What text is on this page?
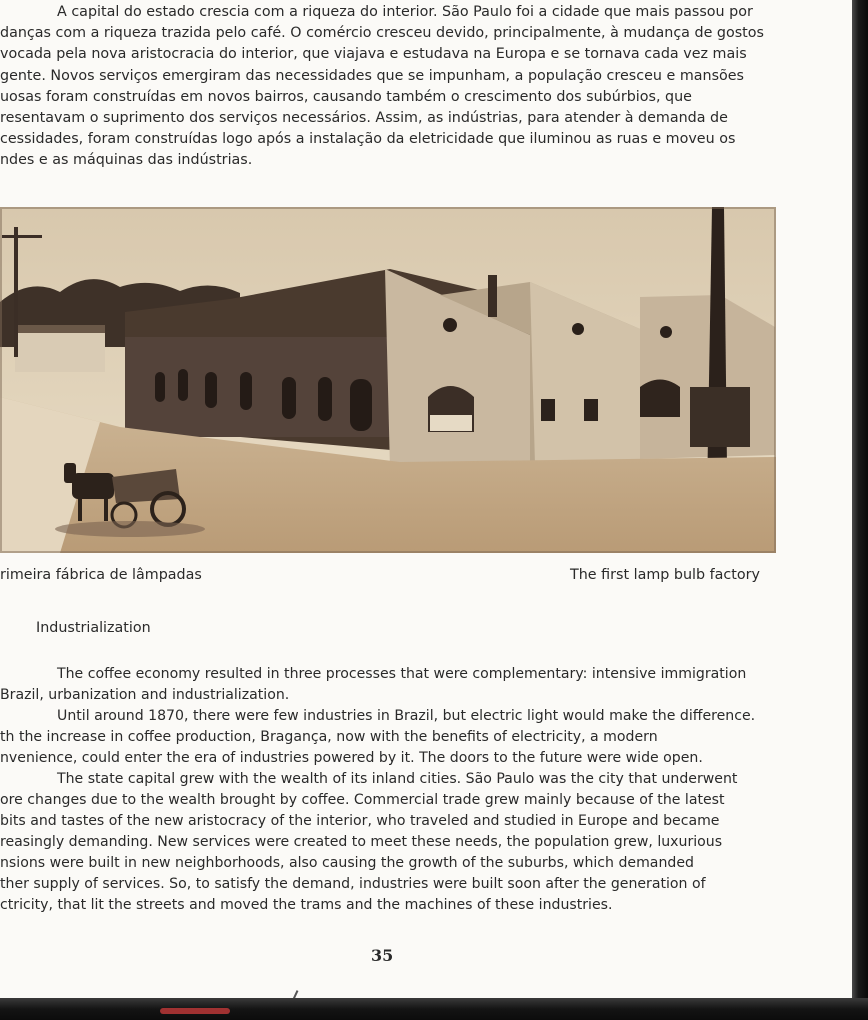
A capital do estado crescia com a riqueza do interior. São Paulo foi a cidade que mais passou por

danças com a riqueza trazida pelo café. O comércio cresceu devido, principalmente, à mudança de gostos

vocada pela nova aristocracia do interior, que viajava e estudava na Europa e se tornava cada vez mais

gente. Novos serviços emergiram das necessidades que se impunham, a população cresceu e mansões

uosas foram construídas em novos bairros, causando também o crescimento dos subúrbios, que

resentavam o suprimento dos serviços necessários. Assim, as indústrias, para atender à demanda de

cessidades, foram construídas logo após a instalação da eletricidade que iluminou as ruas e moveu os

ndes e as máquinas das indústrias.

rimeira fábrica de lâmpadas	The first lamp bulb factory
Industrialization

The coffee economy resulted in three processes that were complementary: intensive immigration

Brazil, urbanization and industrialization.

Until around 1870, there were few industries in Brazil, but electric light would make the difference.

th the increase in coffee production, Bragança, now with the benefits of electricity, a modern

nvenience, could enter the era of industries powered by it. The doors to the future were wide open.

The state capital grew with the wealth of its inland cities. São Paulo was the city that underwent

ore changes due to the wealth brought by coffee. Commercial trade grew mainly because of the latest

bits and tastes of the new aristocracy of the interior, who traveled and studied in Europe and became

reasingly demanding. New services were created to meet these needs, the population grew, luxurious

nsions were built in new neighborhoods, also causing the growth of the suburbs, which demanded

ther supply of services. So, to satisfy the demand, industries were built soon after the generation of

ctricity, that lit the streets and moved the trams and the machines of these industries.

35
